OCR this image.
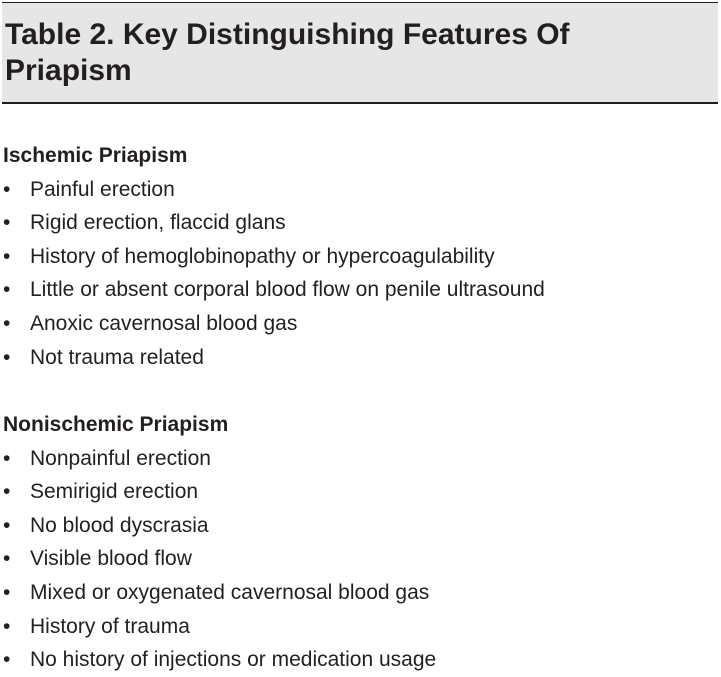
Table 2. Key Distinguishing Features Of Priapism
Ischemic Priapism
• Painful erection
• Rigid erection, flaccid glans
• History of hemoglobinopathy or hypercoagulability
• Little or absent corporal blood flow on penile ultrasound
• Anoxic cavernosal blood gas
• Not trauma related
Nonischemic Priapism
• Nonpainful erection
• Semirigid erection
• No blood dyscrasia
• Visible blood flow
• Mixed or oxygenated cavernosal blood gas
• History of trauma
• No history of injections or medication usage
